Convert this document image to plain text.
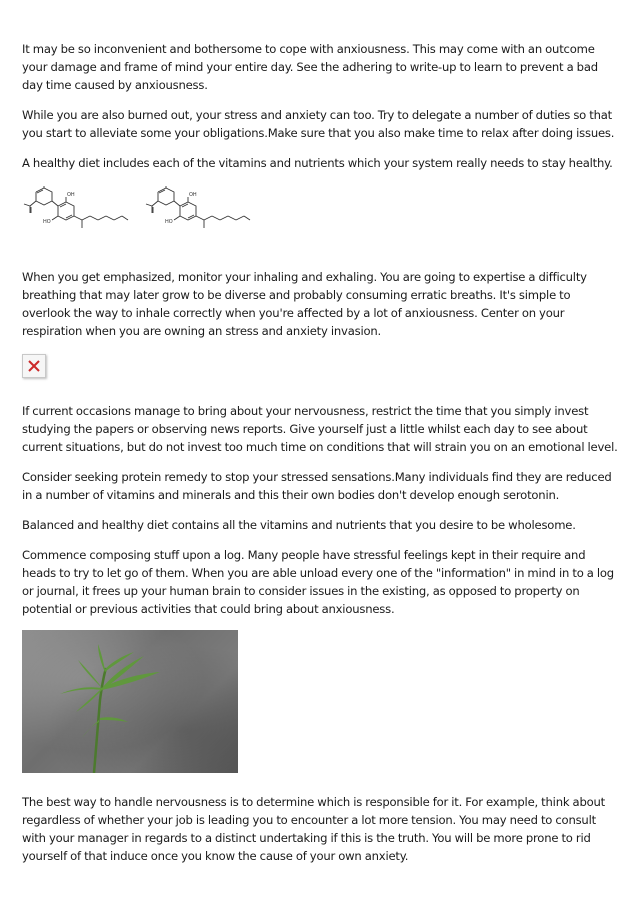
It may be so inconvenient and bothersome to cope with anxiousness. This may come with an outcome your damage and frame of mind your entire day. See the adhering to write-up to learn to prevent a bad day time caused by anxiousness.

While you are also burned out, your stress and anxiety can too. Try to delegate a number of duties so that you start to alleviate some your obligations.Make sure that you also make time to relax after doing issues.

A healthy diet includes each of the vitamins and nutrients which your system really needs to stay healthy.

OH
HO
OH
HO

When you get emphasized, monitor your inhaling and exhaling. You are going to expertise a difficulty breathing that may later grow to be diverse and probably consuming erratic breaths. It's simple to overlook the way to inhale correctly when you're affected by a lot of anxiousness. Center on your respiration when you are owning an stress and anxiety invasion.

If current occasions manage to bring about your nervousness, restrict the time that you simply invest studying the papers or observing news reports. Give yourself just a little whilst each day to see about current situations, but do not invest too much time on conditions that will strain you on an emotional level.

Consider seeking protein remedy to stop your stressed sensations.Many individuals find they are reduced in a number of vitamins and minerals and this their own bodies don't develop enough serotonin.

Balanced and healthy diet contains all the vitamins and nutrients that you desire to be wholesome.

Commence composing stuff upon a log. Many people have stressful feelings kept in their require and heads to try to let go of them. When you are able unload every one of the "information" in mind in to a log or journal, it frees up your human brain to consider issues in the existing, as opposed to property on potential or previous activities that could bring about anxiousness.

The best way to handle nervousness is to determine which is responsible for it. For example, think about regardless of whether your job is leading you to encounter a lot more tension. You may need to consult with your manager in regards to a distinct undertaking if this is the truth. You will be more prone to rid yourself of that induce once you know the cause of your own anxiety.
